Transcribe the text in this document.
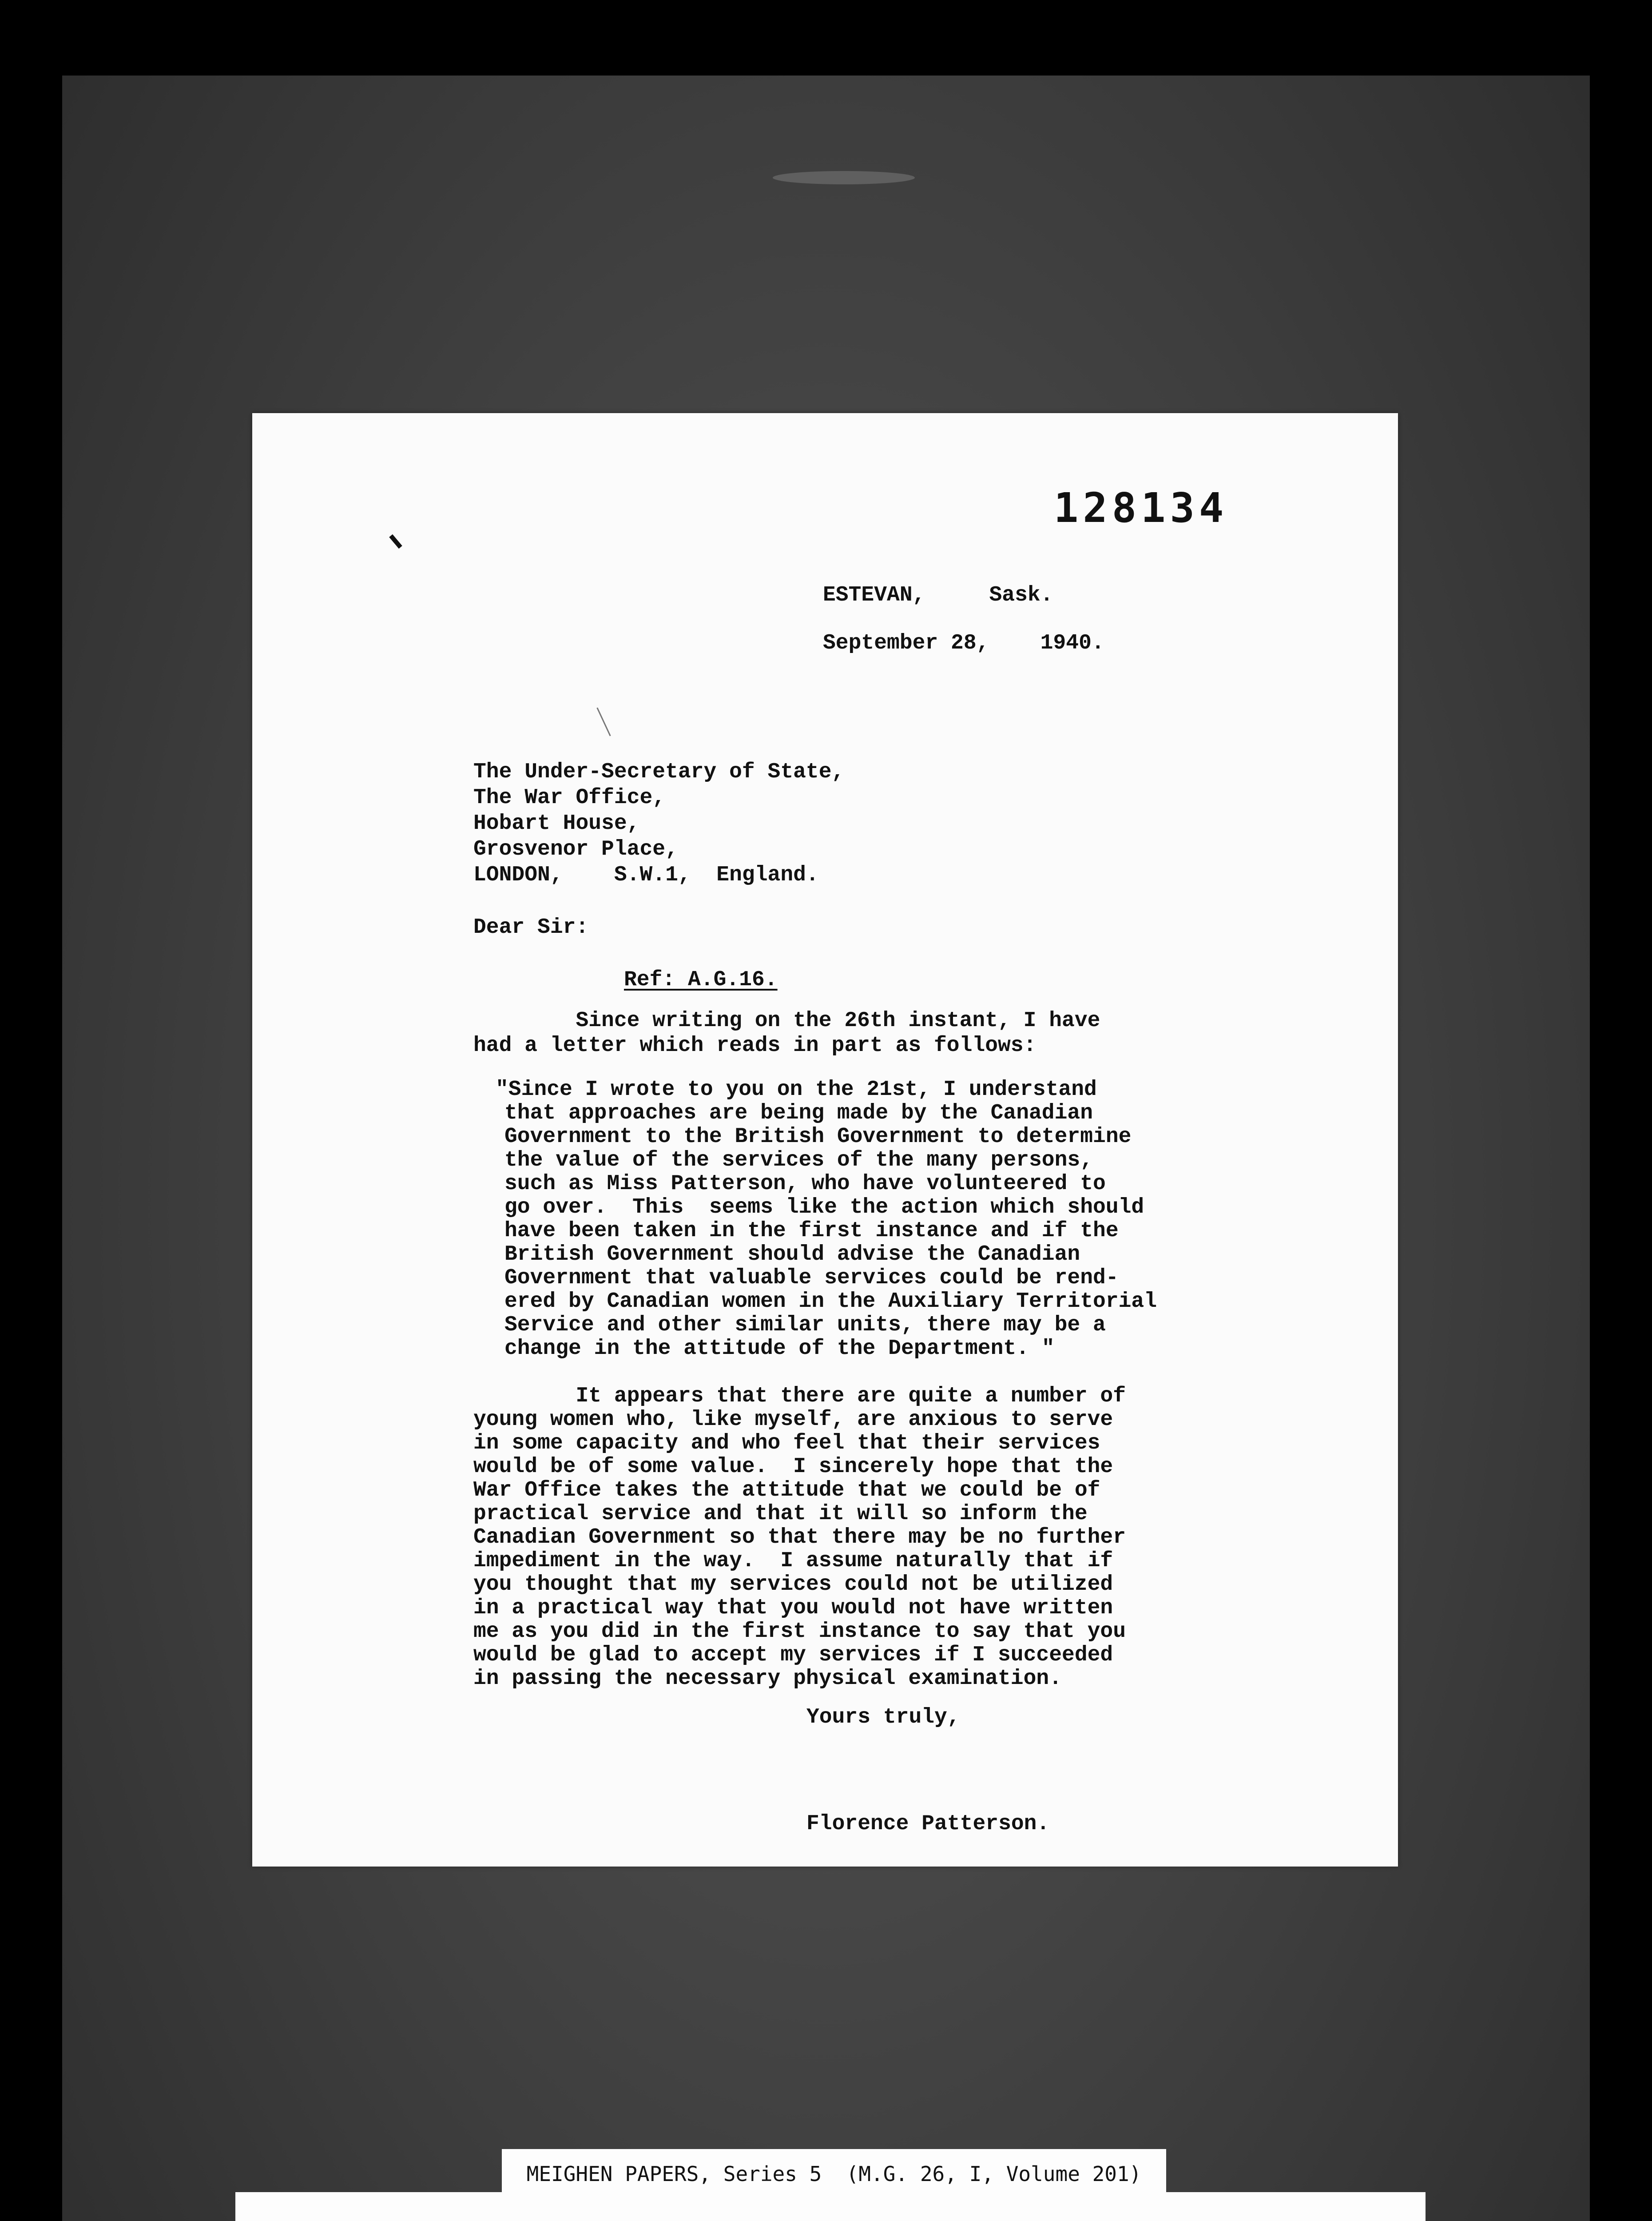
128134
ESTEVAN,     Sask.
September 28,    1940.
The Under-Secretary of State,
The War Office,
Hobart House,
Grosvenor Place,
LONDON,    S.W.1,  England.
Dear Sir:
Ref: A.G.16.
Since writing on the 26th instant, I have
had a letter which reads in part as follows:
"Since I wrote to you on the 21st, I understand
that approaches are being made by the Canadian
Government to the British Government to determine
the value of the services of the many persons,
such as Miss Patterson, who have volunteered to
go over.  This  seems like the action which should
have been taken in the first instance and if the
British Government should advise the Canadian
Government that valuable services could be rend-
ered by Canadian women in the Auxiliary Territorial
Service and other similar units, there may be a
change in the attitude of the Department. "
It appears that there are quite a number of
young women who, like myself, are anxious to serve
in some capacity and who feel that their services
would be of some value.  I sincerely hope that the
War Office takes the attitude that we could be of
practical service and that it will so inform the
Canadian Government so that there may be no further
impediment in the way.  I assume naturally that if
you thought that my services could not be utilized
in a practical way that you would not have written
me as you did in the first instance to say that you
would be glad to accept my services if I succeeded
in passing the necessary physical examination.
Yours truly,
Florence Patterson.
MEIGHEN PAPERS, Series 5  (M.G. 26, I, Volume 201)
